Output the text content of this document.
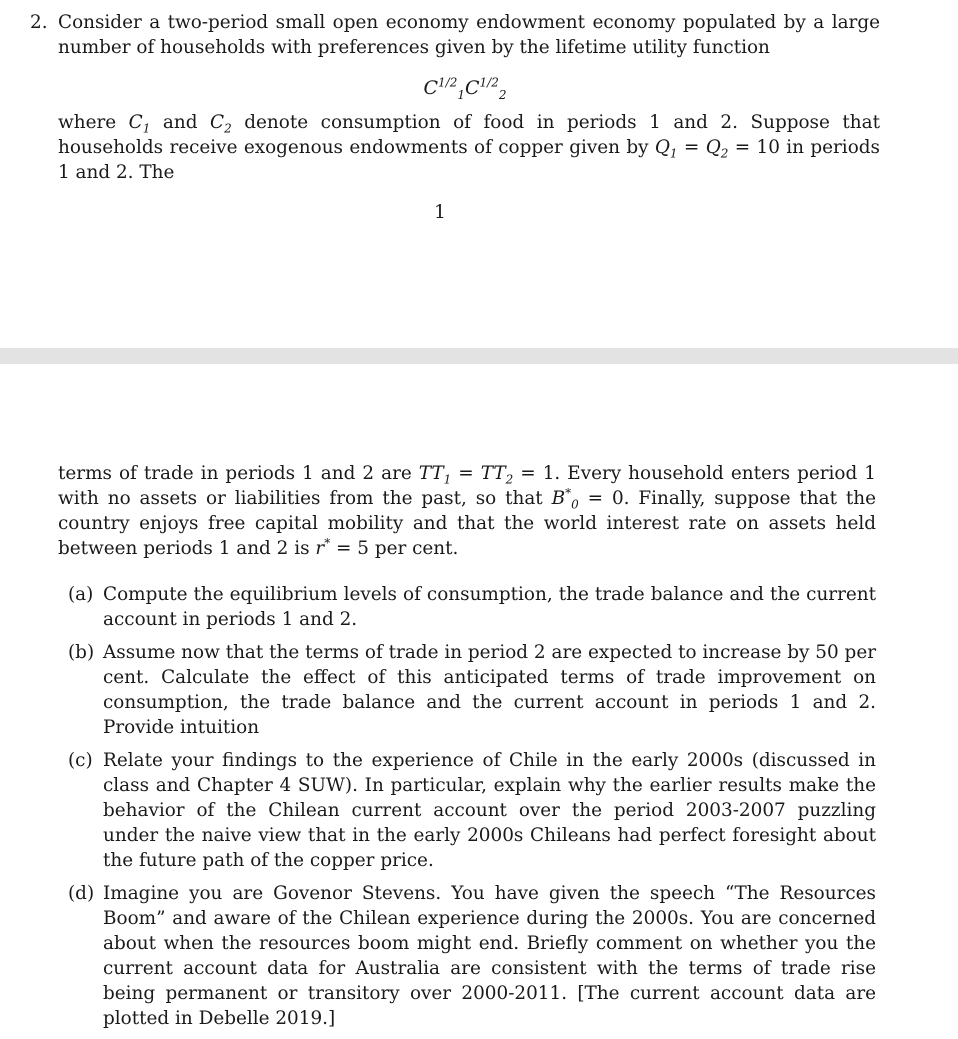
2. Consider a two-period small open economy endowment economy populated by a large number of households with preferences given by the lifetime utility function
$C^{1/2}_1C^{1/2}_2$
where $C_1$ and $C_2$ denote consumption of food in periods 1 and 2. Suppose that households receive exogenous endowments of copper given by $Q_1 = Q_2 = 10$ in periods 1 and 2. The
1
terms of trade in periods 1 and 2 are $TT_1 = TT_2 = 1$. Every household enters period 1 with no assets or liabilities from the past, so that $B^*_0 = 0$. Finally, suppose that the country enjoys free capital mobility and that the world interest rate on assets held between periods 1 and 2 is r* = 5 per cent.
(a) Compute the equilibrium levels of consumption, the trade balance and the current account in periods 1 and 2.
(b) Assume now that the terms of trade in period 2 are expected to increase by 50 per cent. Calculate the effect of this anticipated terms of trade improvement on consumption, the trade balance and the current account in periods 1 and 2. Provide intuition
(c) Relate your findings to the experience of Chile in the early 2000s (discussed in class and Chapter 4 SUW). In particular, explain why the earlier results make the behavior of the Chilean current account over the period 2003-2007 puzzling under the naive view that in the early 2000s Chileans had perfect foresight about the future path of the copper price.
(d) Imagine you are Govenor Stevens. You have given the speech “The Resources Boom” and aware of the Chilean experience during the 2000s. You are concerned about when the resources boom might end. Briefly comment on whether you the current account data for Australia are consistent with the terms of trade rise being permanent or transitory over 2000-2011. [The current account data are plotted in Debelle 2019.]
